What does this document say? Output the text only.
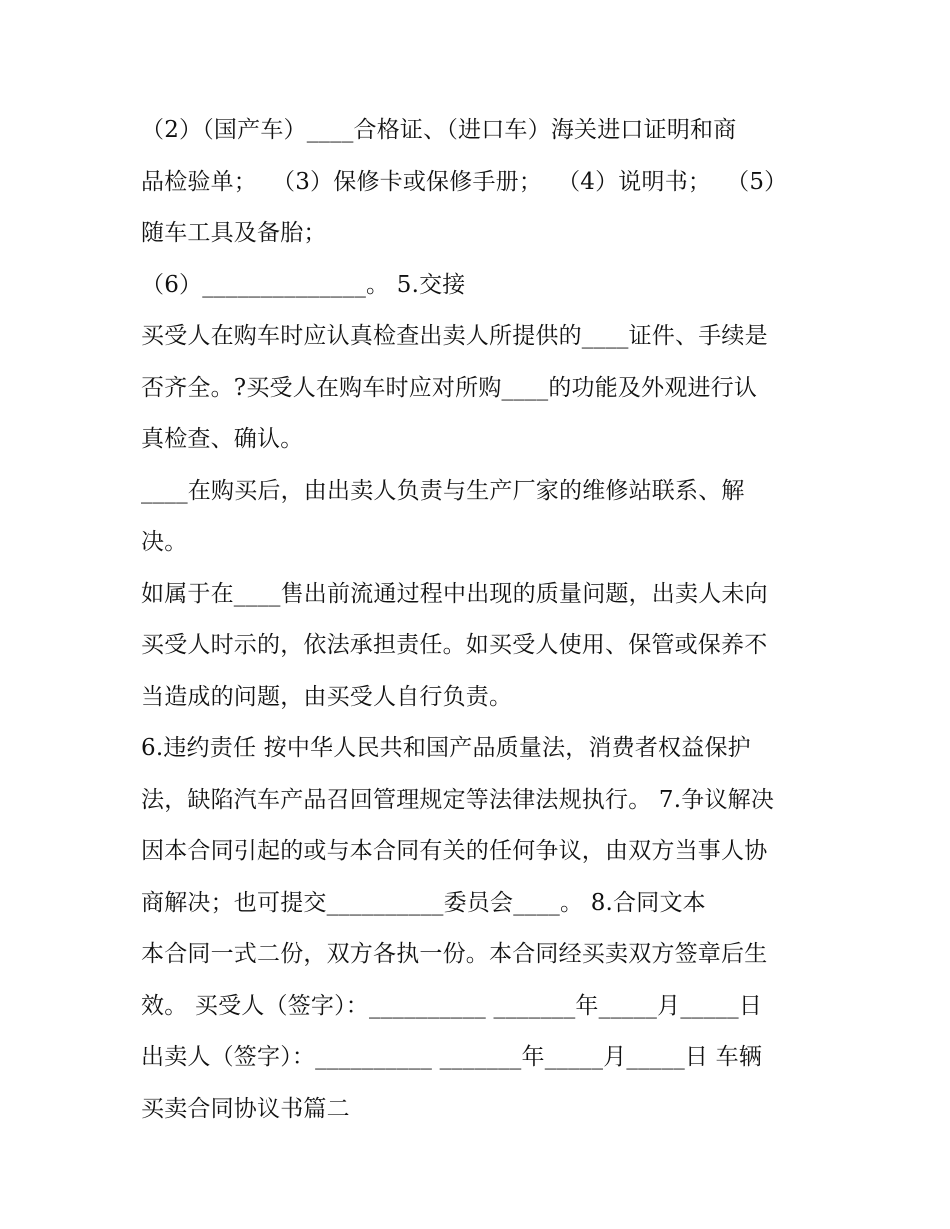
（2）（国产车）____合格证、（进口车）海关进口证明和商
品检验单；  （3）保修卡或保修手册；  （4）说明书；  （5）
随车工具及备胎；
（6）______________。 5.交接
买受人在购车时应认真检查出卖人所提供的____证件、手续是
否齐全。?买受人在购车时应对所购____的功能及外观进行认
真检查、确认。
____在购买后，由出卖人负责与生产厂家的维修站联系、解
决。
如属于在____售出前流通过程中出现的质量问题，出卖人未向
买受人时示的，依法承担责任。如买受人使用、保管或保养不
当造成的问题，由买受人自行负责。
6.违约责任 按中华人民共和国产品质量法，消费者权益保护
法，缺陷汽车产品召回管理规定等法律法规执行。 7.争议解决
因本合同引起的或与本合同有关的任何争议，由双方当事人协
商解决；也可提交__________委员会____。 8.合同文本
本合同一式二份，双方各执一份。本合同经买卖双方签章后生
效。 买受人（签字）：__________ _______年_____月_____日
出卖人（签字）：__________ _______年_____月_____日 车辆
买卖合同协议书篇二
